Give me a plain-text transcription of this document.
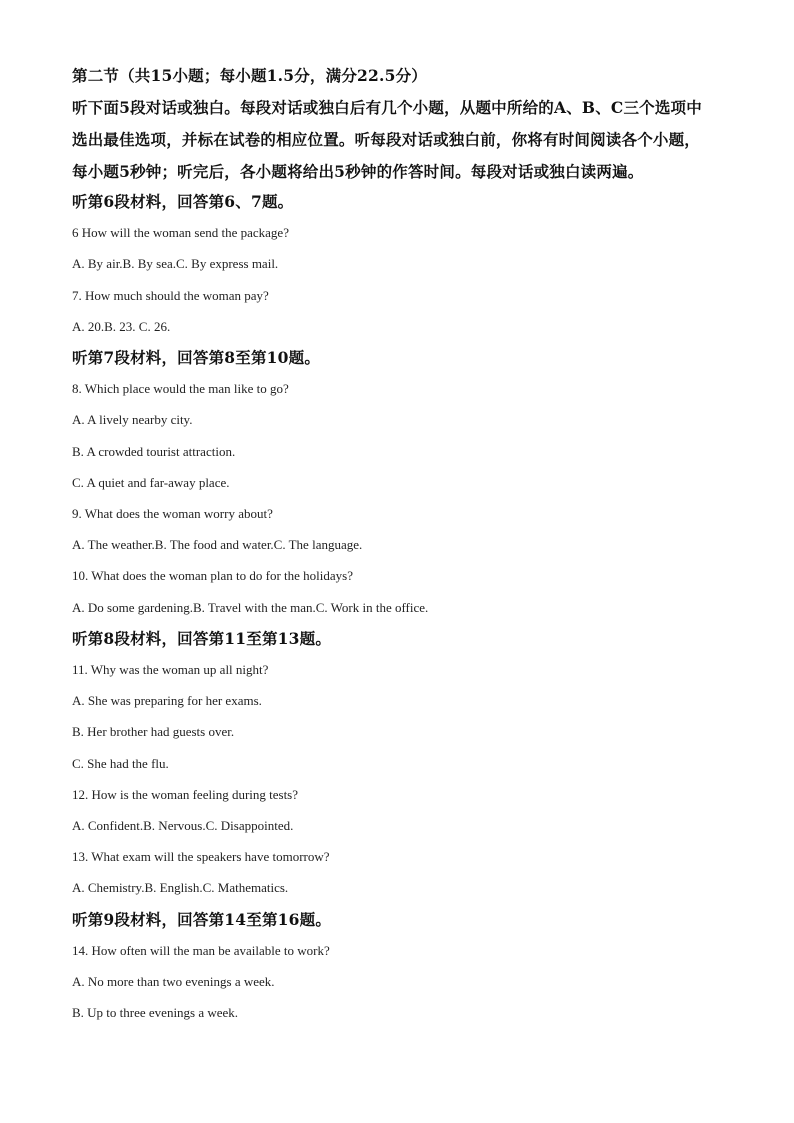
第二节（共15小题；每小题1.5分，满分22.5分）
听下面5段对话或独白。每段对话或独白后有几个小题，从题中所给的A、B、C三个选项中
选出最佳选项，并标在试卷的相应位置。听每段对话或独白前，你将有时间阅读各个小题，
每小题5秒钟；听完后，各小题将给出5秒钟的作答时间。每段对话或独白读两遍。
听第6段材料，回答第6、7题。
6 How will the woman send the package?
A. By air.B. By sea.C. By express mail.
7. How much should the woman pay?
A. 20.B. 23. C. 26.
听第7段材料，回答第8至第10题。
8. Which place would the man like to go?
A. A lively nearby city.
B. A crowded tourist attraction.
C. A quiet and far-away place.
9. What does the woman worry about?
A. The weather.B. The food and water.C. The language.
10. What does the woman plan to do for the holidays?
A. Do some gardening.B. Travel with the man.C. Work in the office.
听第8段材料，回答第11至第13题。
11. Why was the woman up all night?
A. She was preparing for her exams.
B. Her brother had guests over.
C. She had the flu.
12. How is the woman feeling during tests?
A. Confident.B. Nervous.C. Disappointed.
13. What exam will the speakers have tomorrow?
A. Chemistry.B. English.C. Mathematics.
听第9段材料，回答第14至第16题。
14. How often will the man be available to work?
A. No more than two evenings a week.
B. Up to three evenings a week.
